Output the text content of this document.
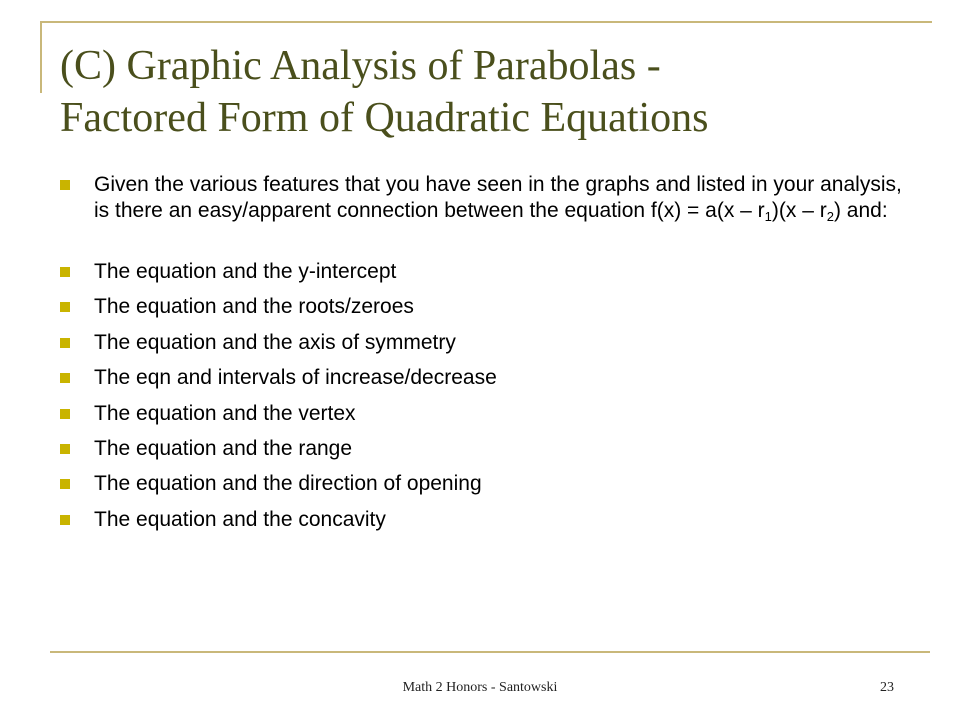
(C) Graphic Analysis of Parabolas -
Factored Form of Quadratic Equations
Given the various features that you have seen in the graphs and listed in your analysis, is there an easy/apparent connection between the equation $f(x) = a(x - r_1)(x - r_2)$ and:
The equation and the y-intercept
The equation and the roots/zeroes
The equation and the axis of symmetry
The eqn and intervals of increase/decrease
The equation and the vertex
The equation and the range
The equation and the direction of opening
The equation and the concavity
Math 2 Honors - Santowski	23
